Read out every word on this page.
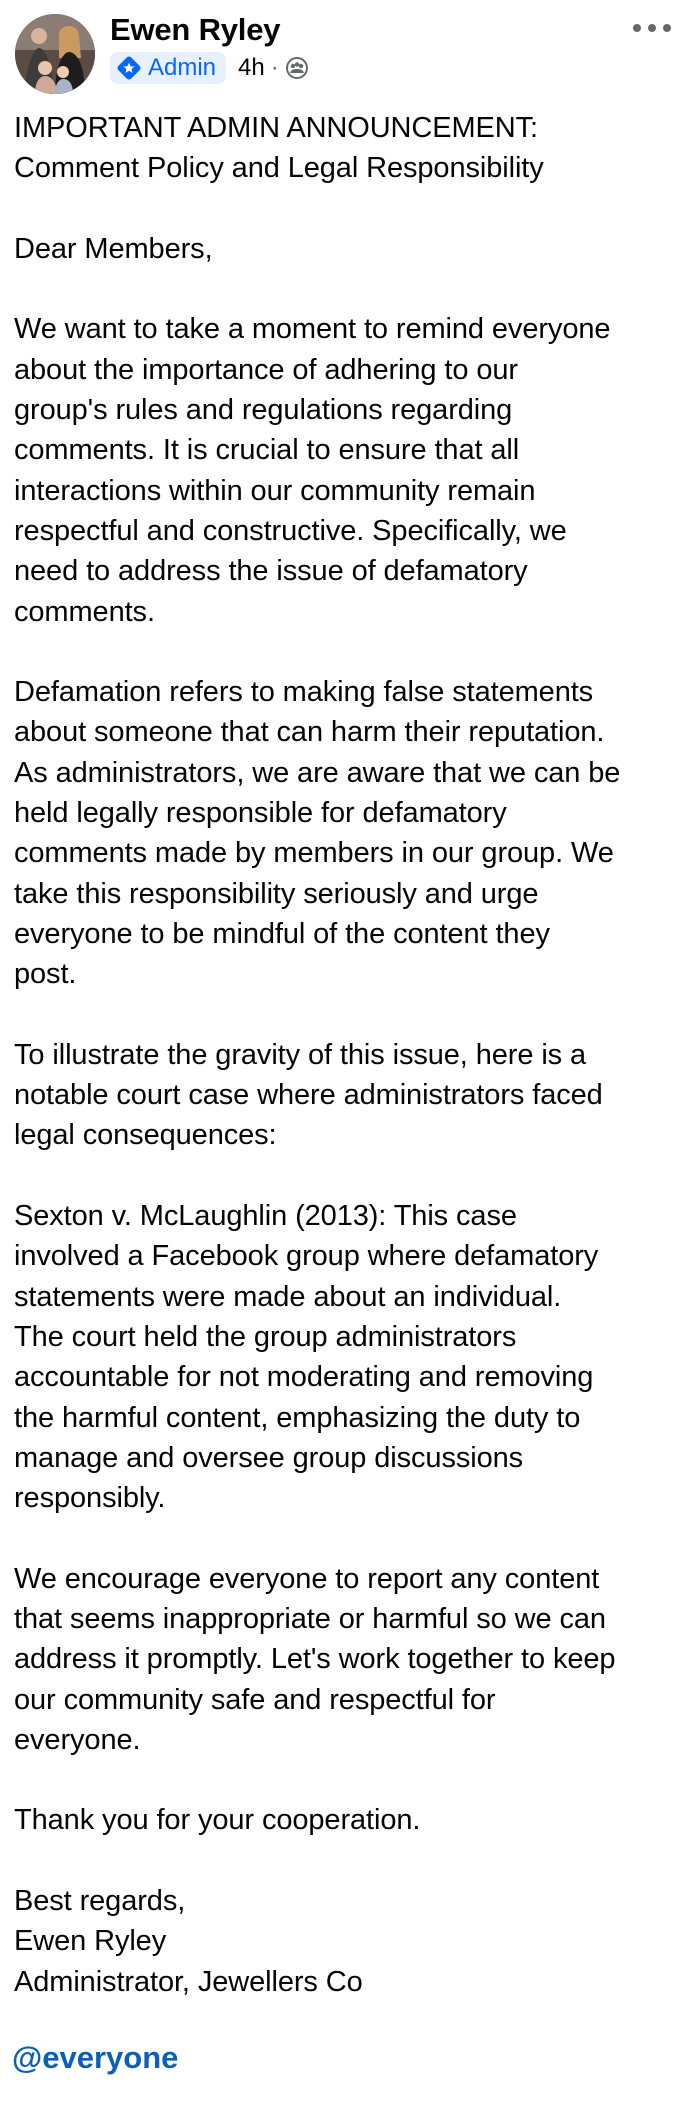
Ewen Ryley
Admin 4h ·
IMPORTANT ADMIN ANNOUNCEMENT:
Comment Policy and Legal Responsibility
Dear Members,
We want to take a moment to remind everyone
about the importance of adhering to our
group's rules and regulations regarding
comments. It is crucial to ensure that all
interactions within our community remain
respectful and constructive. Specifically, we
need to address the issue of defamatory
comments.
Defamation refers to making false statements
about someone that can harm their reputation.
As administrators, we are aware that we can be
held legally responsible for defamatory
comments made by members in our group. We
take this responsibility seriously and urge
everyone to be mindful of the content they
post.
To illustrate the gravity of this issue, here is a
notable court case where administrators faced
legal consequences:
Sexton v. McLaughlin (2013): This case
involved a Facebook group where defamatory
statements were made about an individual.
The court held the group administrators
accountable for not moderating and removing
the harmful content, emphasizing the duty to
manage and oversee group discussions
responsibly.
We encourage everyone to report any content
that seems inappropriate or harmful so we can
address it promptly. Let's work together to keep
our community safe and respectful for
everyone.
Thank you for your cooperation.
Best regards,
Ewen Ryley
Administrator, Jewellers Co
@everyone
